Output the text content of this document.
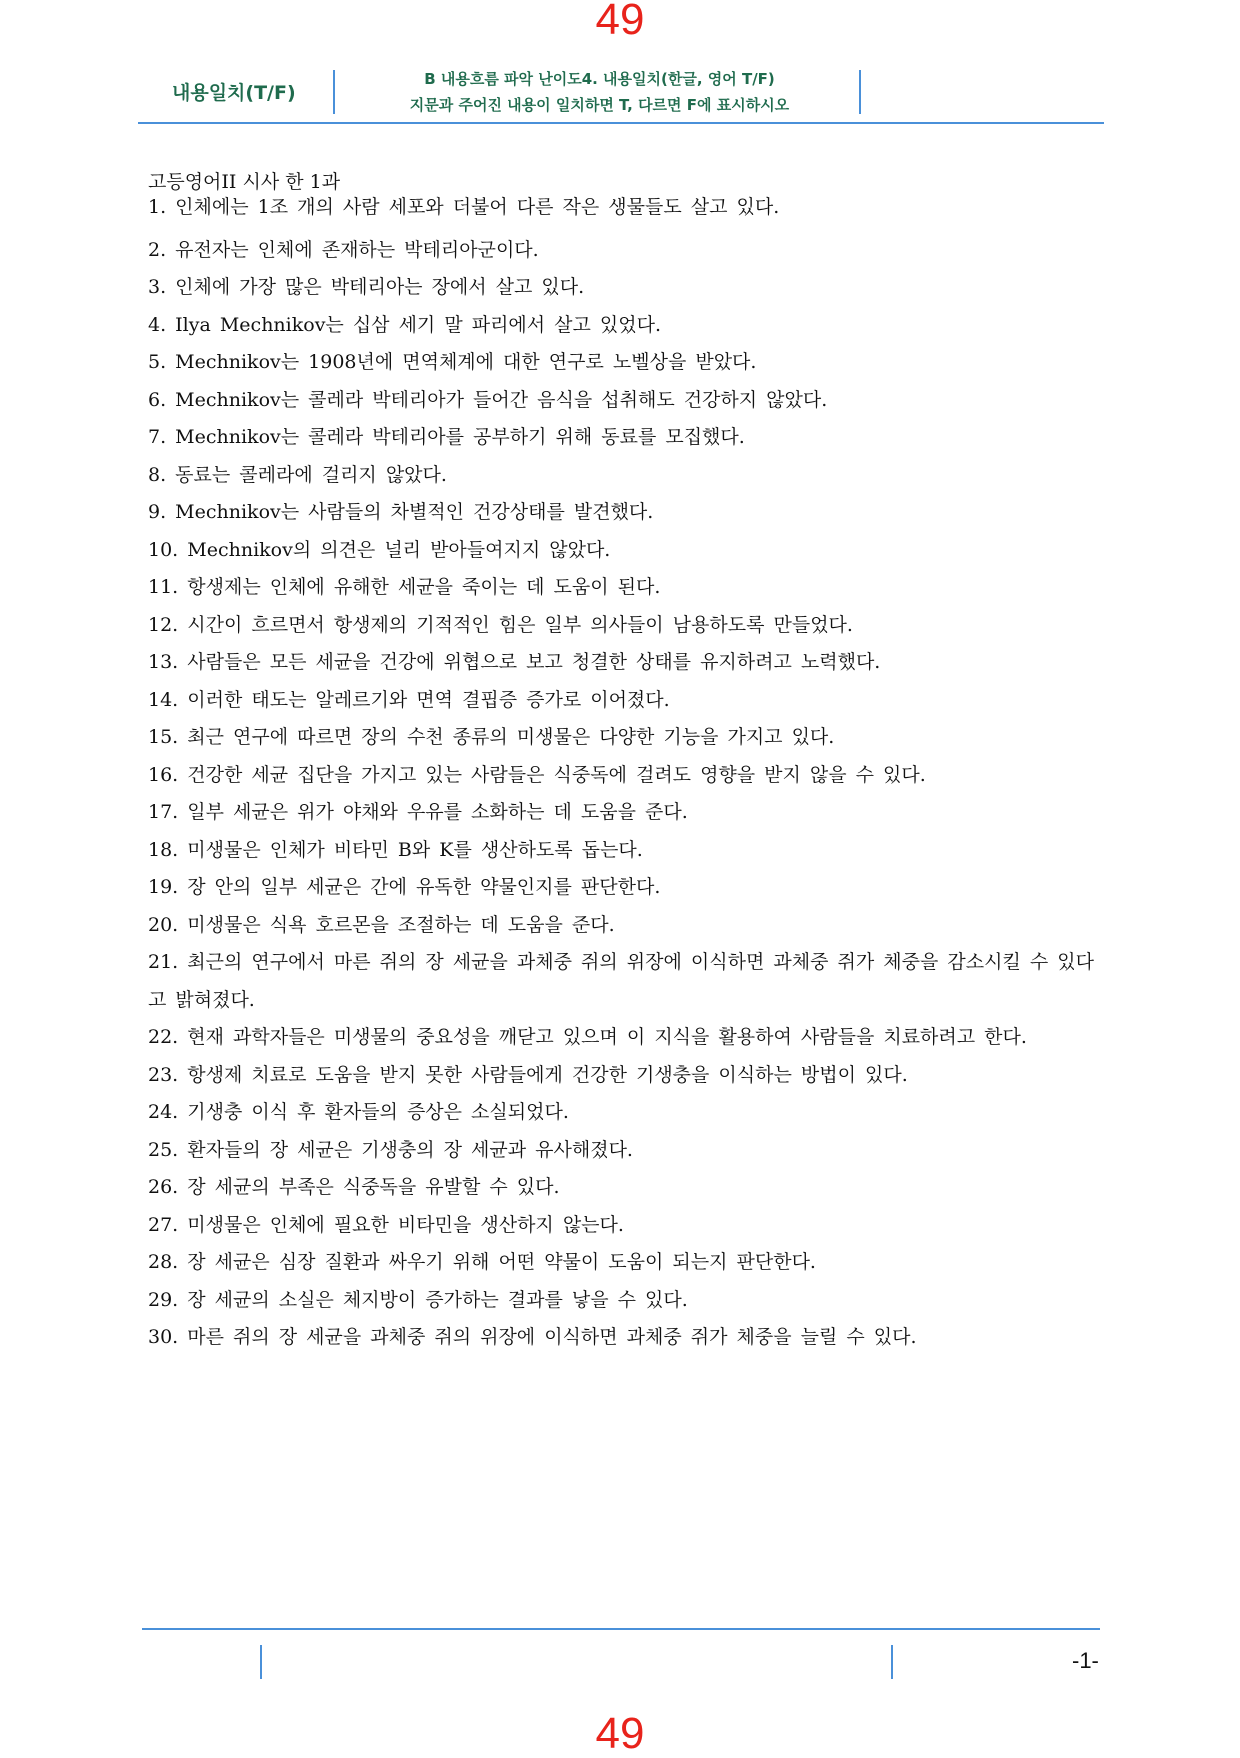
49
내용일치(T/F)
B 내용흐름 파악 난이도4. 내용일치(한글, 영어 T/F)
지문과 주어진 내용이 일치하면 T, 다르면 F에 표시하시오

고등영어II 시사 한 1과

1. 인체에는 1조 개의 사람 세포와 더불어 다른 작은 생물들도 살고 있다.
2. 유전자는 인체에 존재하는 박테리아군이다.
3. 인체에 가장 많은 박테리아는 장에서 살고 있다.
4. Ilya Mechnikov는 십삼 세기 말 파리에서 살고 있었다.
5. Mechnikov는 1908년에 면역체계에 대한 연구로 노벨상을 받았다.
6. Mechnikov는 콜레라 박테리아가 들어간 음식을 섭취해도 건강하지 않았다.
7. Mechnikov는 콜레라 박테리아를 공부하기 위해 동료를 모집했다.
8. 동료는 콜레라에 걸리지 않았다.
9. Mechnikov는 사람들의 차별적인 건강상태를 발견했다.
10. Mechnikov의 의견은 널리 받아들여지지 않았다.
11. 항생제는 인체에 유해한 세균을 죽이는 데 도움이 된다.
12. 시간이 흐르면서 항생제의 기적적인 힘은 일부 의사들이 남용하도록 만들었다.
13. 사람들은 모든 세균을 건강에 위협으로 보고 청결한 상태를 유지하려고 노력했다.
14. 이러한 태도는 알레르기와 면역 결핍증 증가로 이어졌다.
15. 최근 연구에 따르면 장의 수천 종류의 미생물은 다양한 기능을 가지고 있다.
16. 건강한 세균 집단을 가지고 있는 사람들은 식중독에 걸려도 영향을 받지 않을 수 있다.
17. 일부 세균은 위가 야채와 우유를 소화하는 데 도움을 준다.
18. 미생물은 인체가 비타민 B와 K를 생산하도록 돕는다.
19. 장 안의 일부 세균은 간에 유독한 약물인지를 판단한다.
20. 미생물은 식욕 호르몬을 조절하는 데 도움을 준다.
21. 최근의 연구에서 마른 쥐의 장 세균을 과체중 쥐의 위장에 이식하면 과체중 쥐가 체중을 감소시킬 수 있다고 밝혀졌다.
22. 현재 과학자들은 미생물의 중요성을 깨닫고 있으며 이 지식을 활용하여 사람들을 치료하려고 한다.
23. 항생제 치료로 도움을 받지 못한 사람들에게 건강한 기생충을 이식하는 방법이 있다.
24. 기생충 이식 후 환자들의 증상은 소실되었다.
25. 환자들의 장 세균은 기생충의 장 세균과 유사해졌다.
26. 장 세균의 부족은 식중독을 유발할 수 있다.
27. 미생물은 인체에 필요한 비타민을 생산하지 않는다.
28. 장 세균은 심장 질환과 싸우기 위해 어떤 약물이 도움이 되는지 판단한다.
29. 장 세균의 소실은 체지방이 증가하는 결과를 낳을 수 있다.
30. 마른 쥐의 장 세균을 과체중 쥐의 위장에 이식하면 과체중 쥐가 체중을 늘릴 수 있다.
-1-
49
